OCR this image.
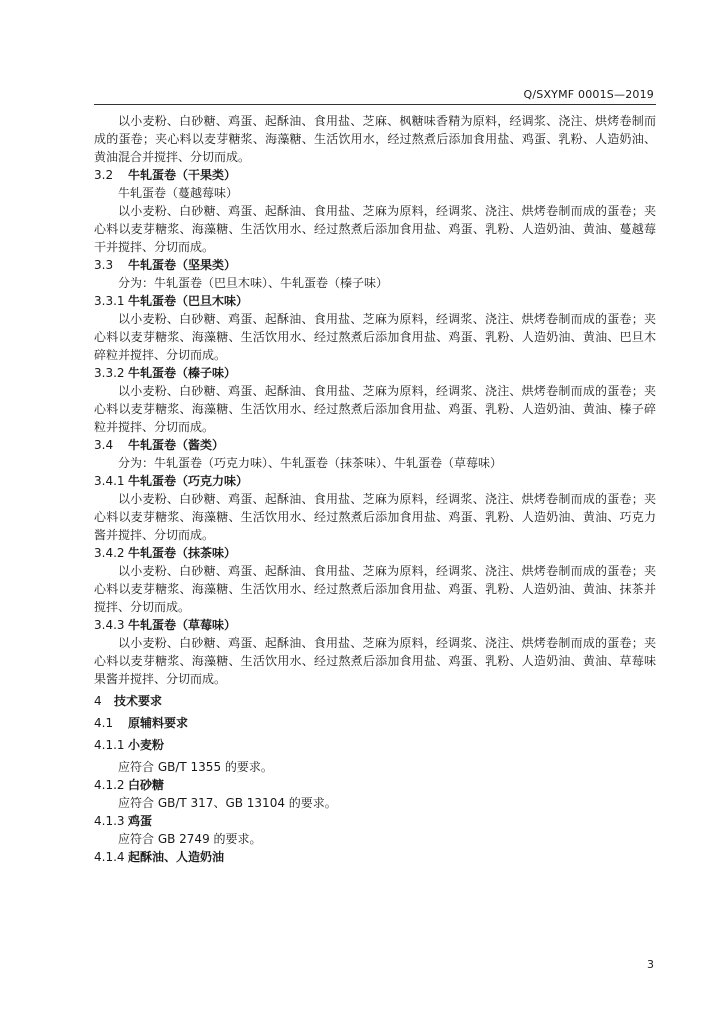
Q/SXYMF 0001S—2019

以小麦粉、白砂糖、鸡蛋、起酥油、食用盐、芝麻、枫糖味香精为原料，经调浆、浇注、烘烤卷制而成的蛋卷；夹心料以麦芽糖浆、海藻糖、生活饮用水，经过熬煮后添加食用盐、鸡蛋、乳粉、人造奶油、黄油混合并搅拌、分切而成。

3.2 牛轧蛋卷（干果类）

牛轧蛋卷（蔓越莓味）

以小麦粉、白砂糖、鸡蛋、起酥油、食用盐、芝麻为原料，经调浆、浇注、烘烤卷制而成的蛋卷；夹心料以麦芽糖浆、海藻糖、生活饮用水、经过熬煮后添加食用盐、鸡蛋、乳粉、人造奶油、黄油、蔓越莓干并搅拌、分切而成。

3.3 牛轧蛋卷（坚果类）

分为：牛轧蛋卷（巴旦木味）、牛轧蛋卷（榛子味）

3.3.1 牛轧蛋卷（巴旦木味）

以小麦粉、白砂糖、鸡蛋、起酥油、食用盐、芝麻为原料，经调浆、浇注、烘烤卷制而成的蛋卷；夹心料以麦芽糖浆、海藻糖、生活饮用水、经过熬煮后添加食用盐、鸡蛋、乳粉、人造奶油、黄油、巴旦木碎粒并搅拌、分切而成。

3.3.2 牛轧蛋卷（榛子味）

以小麦粉、白砂糖、鸡蛋、起酥油、食用盐、芝麻为原料，经调浆、浇注、烘烤卷制而成的蛋卷；夹心料以麦芽糖浆、海藻糖、生活饮用水、经过熬煮后添加食用盐、鸡蛋、乳粉、人造奶油、黄油、榛子碎粒并搅拌、分切而成。

3.4 牛轧蛋卷（酱类）

分为：牛轧蛋卷（巧克力味）、牛轧蛋卷（抹茶味）、牛轧蛋卷（草莓味）

3.4.1 牛轧蛋卷（巧克力味）

以小麦粉、白砂糖、鸡蛋、起酥油、食用盐、芝麻为原料，经调浆、浇注、烘烤卷制而成的蛋卷；夹心料以麦芽糖浆、海藻糖、生活饮用水、经过熬煮后添加食用盐、鸡蛋、乳粉、人造奶油、黄油、巧克力酱并搅拌、分切而成。

3.4.2 牛轧蛋卷（抹茶味）

以小麦粉、白砂糖、鸡蛋、起酥油、食用盐、芝麻为原料，经调浆、浇注、烘烤卷制而成的蛋卷；夹心料以麦芽糖浆、海藻糖、生活饮用水、经过熬煮后添加食用盐、鸡蛋、乳粉、人造奶油、黄油、抹茶并搅拌、分切而成。

3.4.3 牛轧蛋卷（草莓味）

以小麦粉、白砂糖、鸡蛋、起酥油、食用盐、芝麻为原料，经调浆、浇注、烘烤卷制而成的蛋卷；夹心料以麦芽糖浆、海藻糖、生活饮用水、经过熬煮后添加食用盐、鸡蛋、乳粉、人造奶油、黄油、草莓味果酱并搅拌、分切而成。

4 技术要求
4.1 原辅料要求
4.1.1 小麦粉

应符合 GB/T 1355 的要求。

4.1.2 白砂糖

应符合 GB/T 317、GB 13104 的要求。

4.1.3 鸡蛋

应符合 GB 2749 的要求。

4.1.4 起酥油、人造奶油
3
